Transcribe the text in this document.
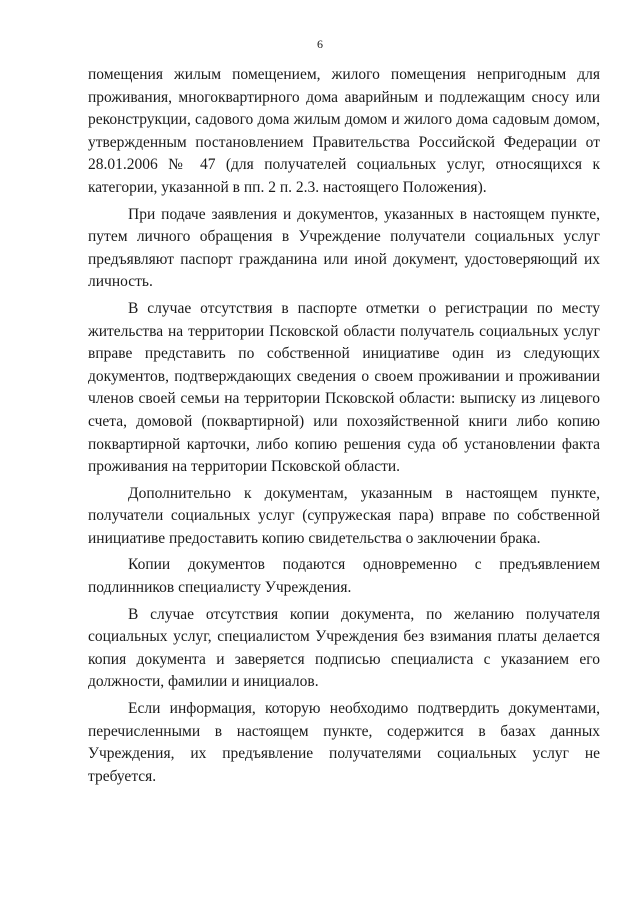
6

помещения жилым помещением, жилого помещения непригодным для проживания, многоквартирного дома аварийным и подлежащим сносу или реконструкции, садового дома жилым домом и жилого дома садовым домом, утвержденным постановлением Правительства Российской Федерации от 28.01.2006 № 47 (для получателей социальных услуг, относящихся к категории, указанной в пп. 2 п. 2.3. настоящего Положения).

При подаче заявления и документов, указанных в настоящем пункте, путем личного обращения в Учреждение получатели социальных услуг предъявляют паспорт гражданина или иной документ, удостоверяющий их личность.

В случае отсутствия в паспорте отметки о регистрации по месту жительства на территории Псковской области получатель социальных услуг вправе представить по собственной инициативе один из следующих документов, подтверждающих сведения о своем проживании и проживании членов своей семьи на территории Псковской области: выписку из лицевого счета, домовой (поквартирной) или похозяйственной книги либо копию поквартирной карточки, либо копию решения суда об установлении факта проживания на территории Псковской области.

Дополнительно к документам, указанным в настоящем пункте, получатели социальных услуг (супружеская пара) вправе по собственной инициативе предоставить копию свидетельства о заключении брака.

Копии документов подаются одновременно с предъявлением подлинников специалисту Учреждения.

В случае отсутствия копии документа, по желанию получателя социальных услуг, специалистом Учреждения без взимания платы делается копия документа и заверяется подписью специалиста с указанием его должности, фамилии и инициалов.

Если информация, которую необходимо подтвердить документами, перечисленными в настоящем пункте, содержится в базах данных Учреждения, их предъявление получателями социальных услуг не требуется.
